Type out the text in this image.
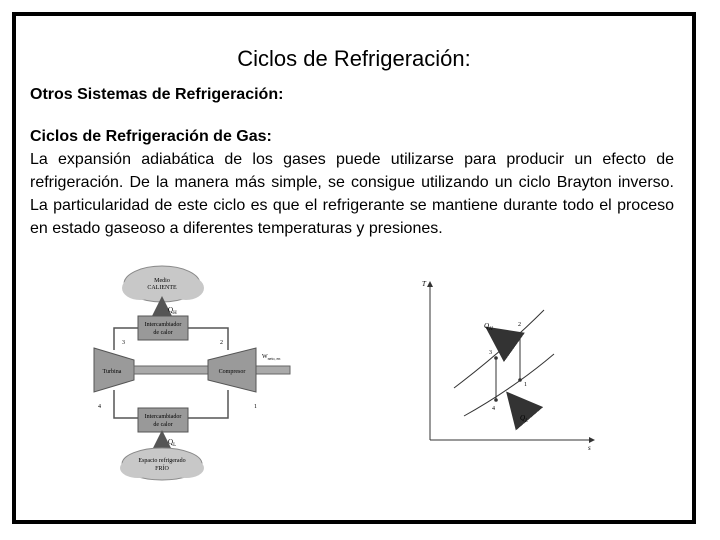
Ciclos de Refrigeración:
Otros Sistemas de Refrigeración:
Ciclos de Refrigeración de Gas:
La expansión adiabática de los gases puede utilizarse para producir un efecto de refrigeración. De la manera más simple, se consigue utilizando un ciclo Brayton inverso. La particularidad de este ciclo es que el refrigerante se mantiene durante todo el proceso en estado gaseoso a diferentes temperaturas y presiones.
Medio
CALIENTE
$Q_H$
Intercambiador
de calor
3	2
4	1
Turbina	Compresor
$W_{neto, en}$
Intercambiador
de calor
$Q_L$
Espacio refrigerado
FRÍO
T
s
3
4
2
1
$Q_H$
$Q_L$
